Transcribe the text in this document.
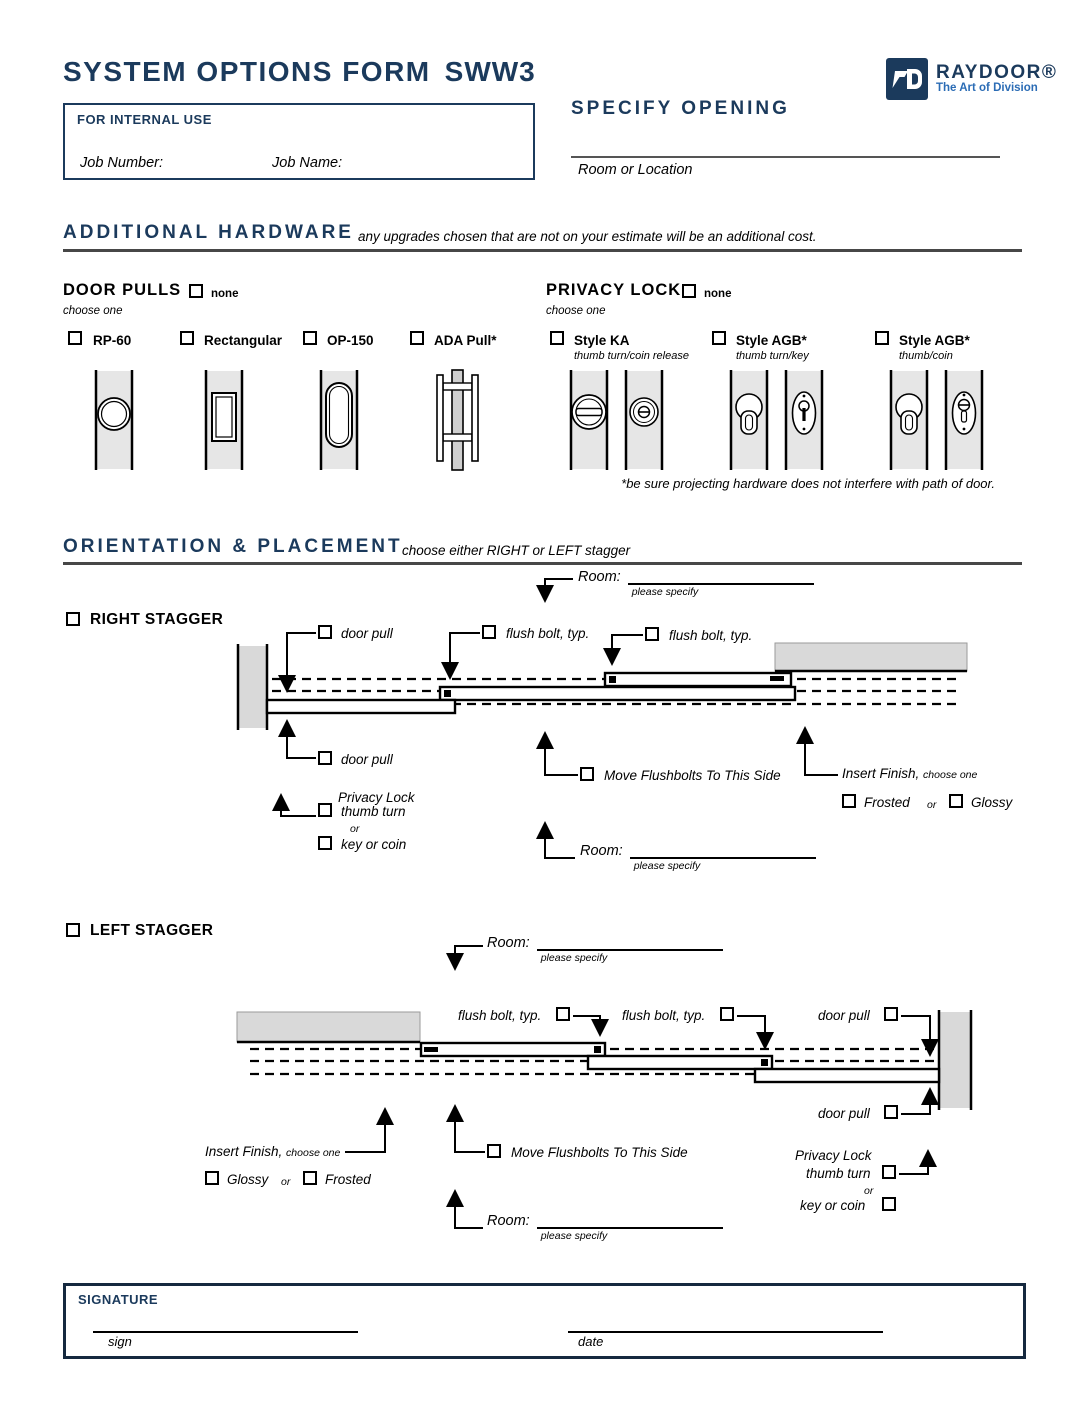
SYSTEM OPTIONS FORM SWW3	RAYDOOR®
The Art of Division
FOR INTERNAL USE
Job Number:	Job Name:
SPECIFY OPENING
Room or Location
ADDITIONAL HARDWARE any upgrades chosen that are not on your estimate will be an additional cost.
DOOR PULLS	none
choose one
RP-60	Rectangular	OP-150	ADA Pull*
PRIVACY LOCK none
choose one
Style KA
thumb turn/coin release
Style AGB*
thumb turn/key
Style AGB*
thumb/coin
*be sure projecting hardware does not interfere with path of door.
ORIENTATION & PLACEMENT choose either RIGHT or LEFT stagger
Room:
please specify
RIGHT STAGGER
door pull	flush bolt, typ.	flush bolt, typ.
door pull
Privacy Lock
thumb turn
or
key or coin
Move Flushbolts To This Side	Insert Finish, choose one
Frosted or	Glossy
Room:
please specify
LEFT STAGGER
Room:
please specify
flush bolt, typ.	flush bolt, typ.	door pull
door pull
Privacy Lock
thumb turn
or
key or coin
Insert Finish, choose one
Glossy or	Frosted
Move Flushbolts To This Side
Room:
please specify
SIGNATURE
sign	date
